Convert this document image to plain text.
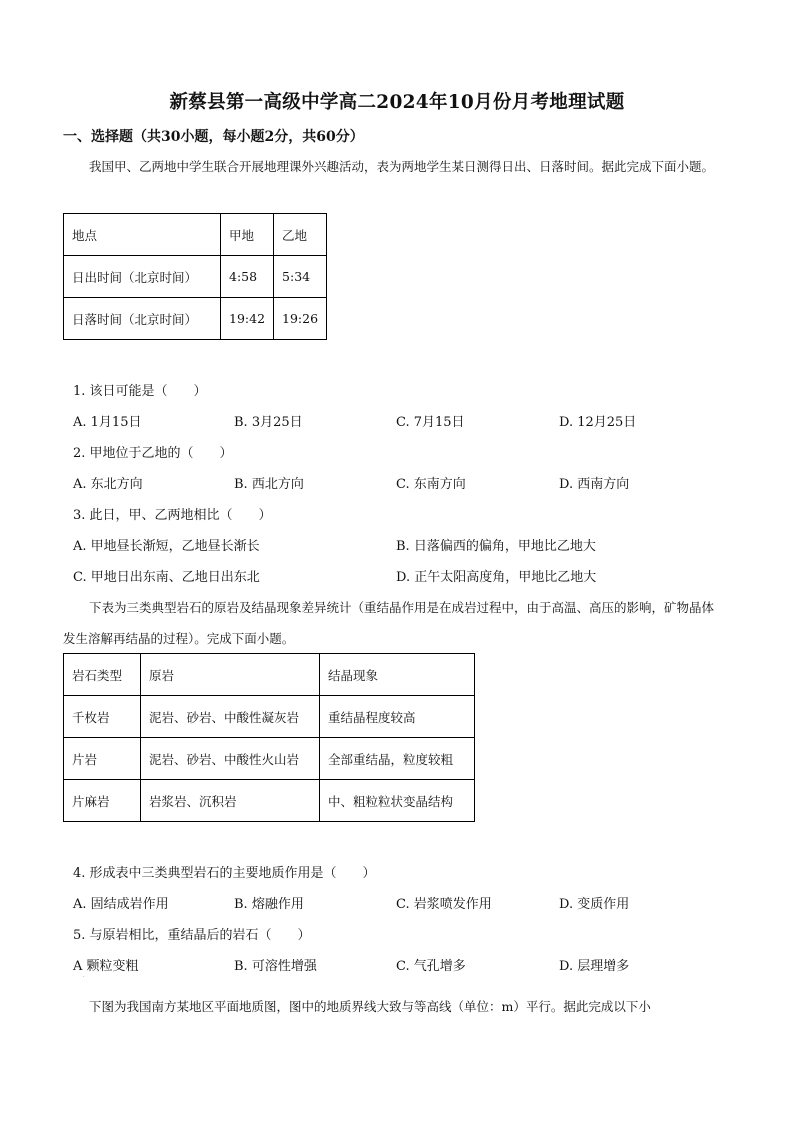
新蔡县第一高级中学高二2024年10月份月考地理试题
一、选择题（共30小题，每小题2分，共60分）
我国甲、乙两地中学生联合开展地理课外兴趣活动，表为两地学生某日测得日出、日落时间。据此完成下面小题。
地点	甲地	乙地
日出时间（北京时间）	4:58	5:34
日落时间（北京时间）	19:42	19:26
1. 该日可能是（　　）
A. 1月15日	B. 3月25日	C. 7月15日	D. 12月25日
2. 甲地位于乙地的（　　）
A. 东北方向	B. 西北方向	C. 东南方向	D. 西南方向
3. 此日，甲、乙两地相比（　　）
A. 甲地昼长渐短，乙地昼长渐长	B. 日落偏西的偏角，甲地比乙地大
C. 甲地日出东南、乙地日出东北	D. 正午太阳高度角，甲地比乙地大
下表为三类典型岩石的原岩及结晶现象差异统计（重结晶作用是在成岩过程中，由于高温、高压的影响，矿物晶体发生溶解再结晶的过程）。完成下面小题。
岩石类型	原岩	结晶现象
千枚岩	泥岩、砂岩、中酸性凝灰岩	重结晶程度较高
片岩	泥岩、砂岩、中酸性火山岩	全部重结晶，粒度较粗
片麻岩	岩浆岩、沉积岩	中、粗粒粒状变晶结构
4. 形成表中三类典型岩石的主要地质作用是（　　）
A. 固结成岩作用	B. 熔融作用	C. 岩浆喷发作用	D. 变质作用
5. 与原岩相比，重结晶后的岩石（　　）
A 颗粒变粗	B. 可溶性增强	C. 气孔增多	D. 层理增多
·
下图为我国南方某地区平面地质图，图中的地质界线大致与等高线（单位：m）平行。据此完成以下小
